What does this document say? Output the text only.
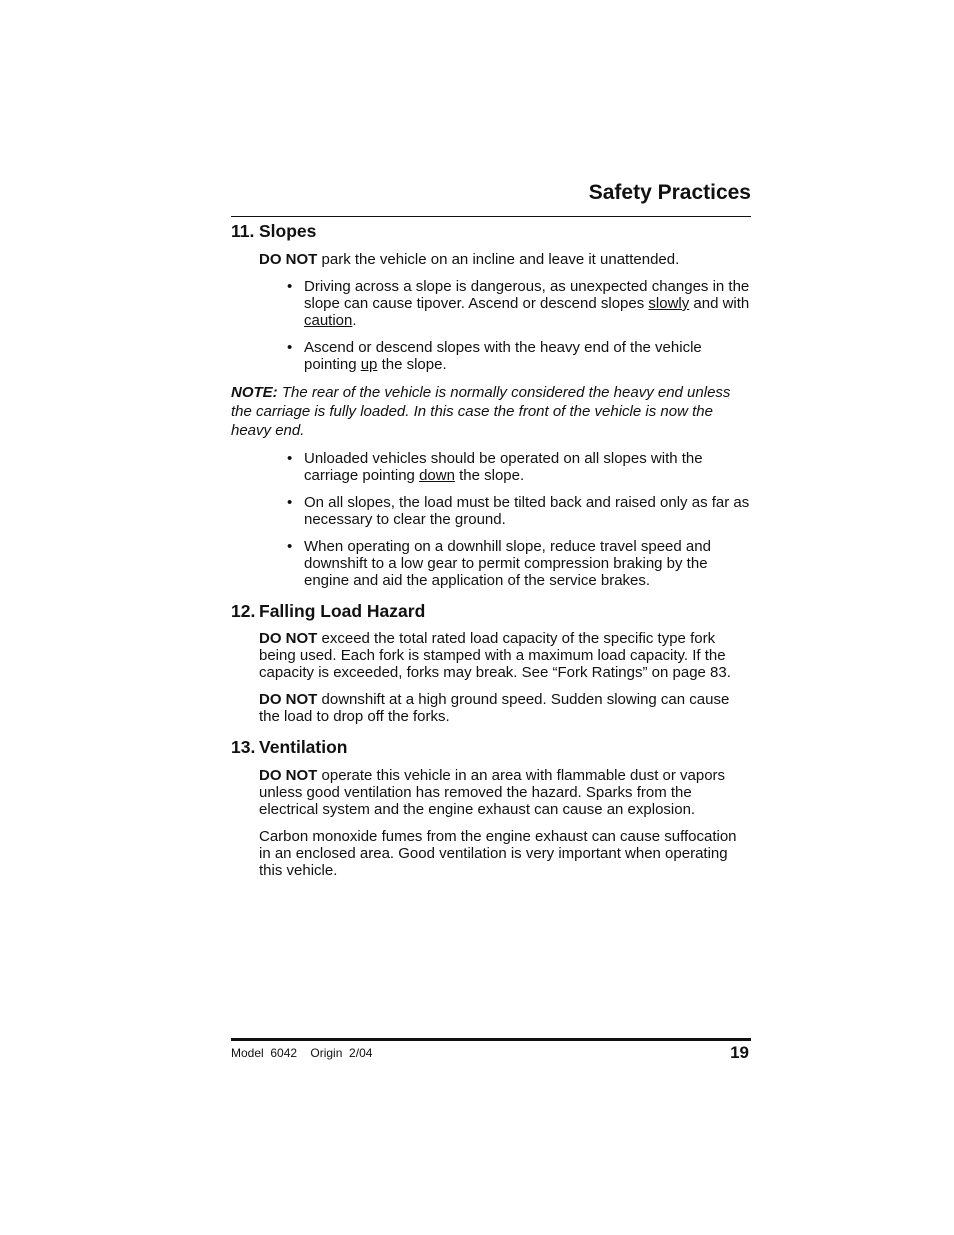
Safety Practices
11. Slopes

DO NOT park the vehicle on an incline and leave it unattended.

• Driving across a slope is dangerous, as unexpected changes in the slope can cause tipover. Ascend or descend slopes slowly and with caution.
• Ascend or descend slopes with the heavy end of the vehicle pointing up the slope.

NOTE: The rear of the vehicle is normally considered the heavy end unless the carriage is fully loaded. In this case the front of the vehicle is now the heavy end.

• Unloaded vehicles should be operated on all slopes with the carriage pointing down the slope.
• On all slopes, the load must be tilted back and raised only as far as necessary to clear the ground.
• When operating on a downhill slope, reduce travel speed and downshift to a low gear to permit compression braking by the engine and aid the application of the service brakes.
12. Falling Load Hazard

DO NOT exceed the total rated load capacity of the specific type fork being used. Each fork is stamped with a maximum load capacity. If the capacity is exceeded, forks may break. See “Fork Ratings” on page 83.

DO NOT downshift at a high ground speed. Sudden slowing can cause the load to drop off the forks.

13. Ventilation

DO NOT operate this vehicle in an area with flammable dust or vapors unless good ventilation has removed the hazard. Sparks from the electrical system and the engine exhaust can cause an explosion.

Carbon monoxide fumes from the engine exhaust can cause suffocation in an enclosed area. Good ventilation is very important when operating this vehicle.

Model  6042    Origin  2/04	19
